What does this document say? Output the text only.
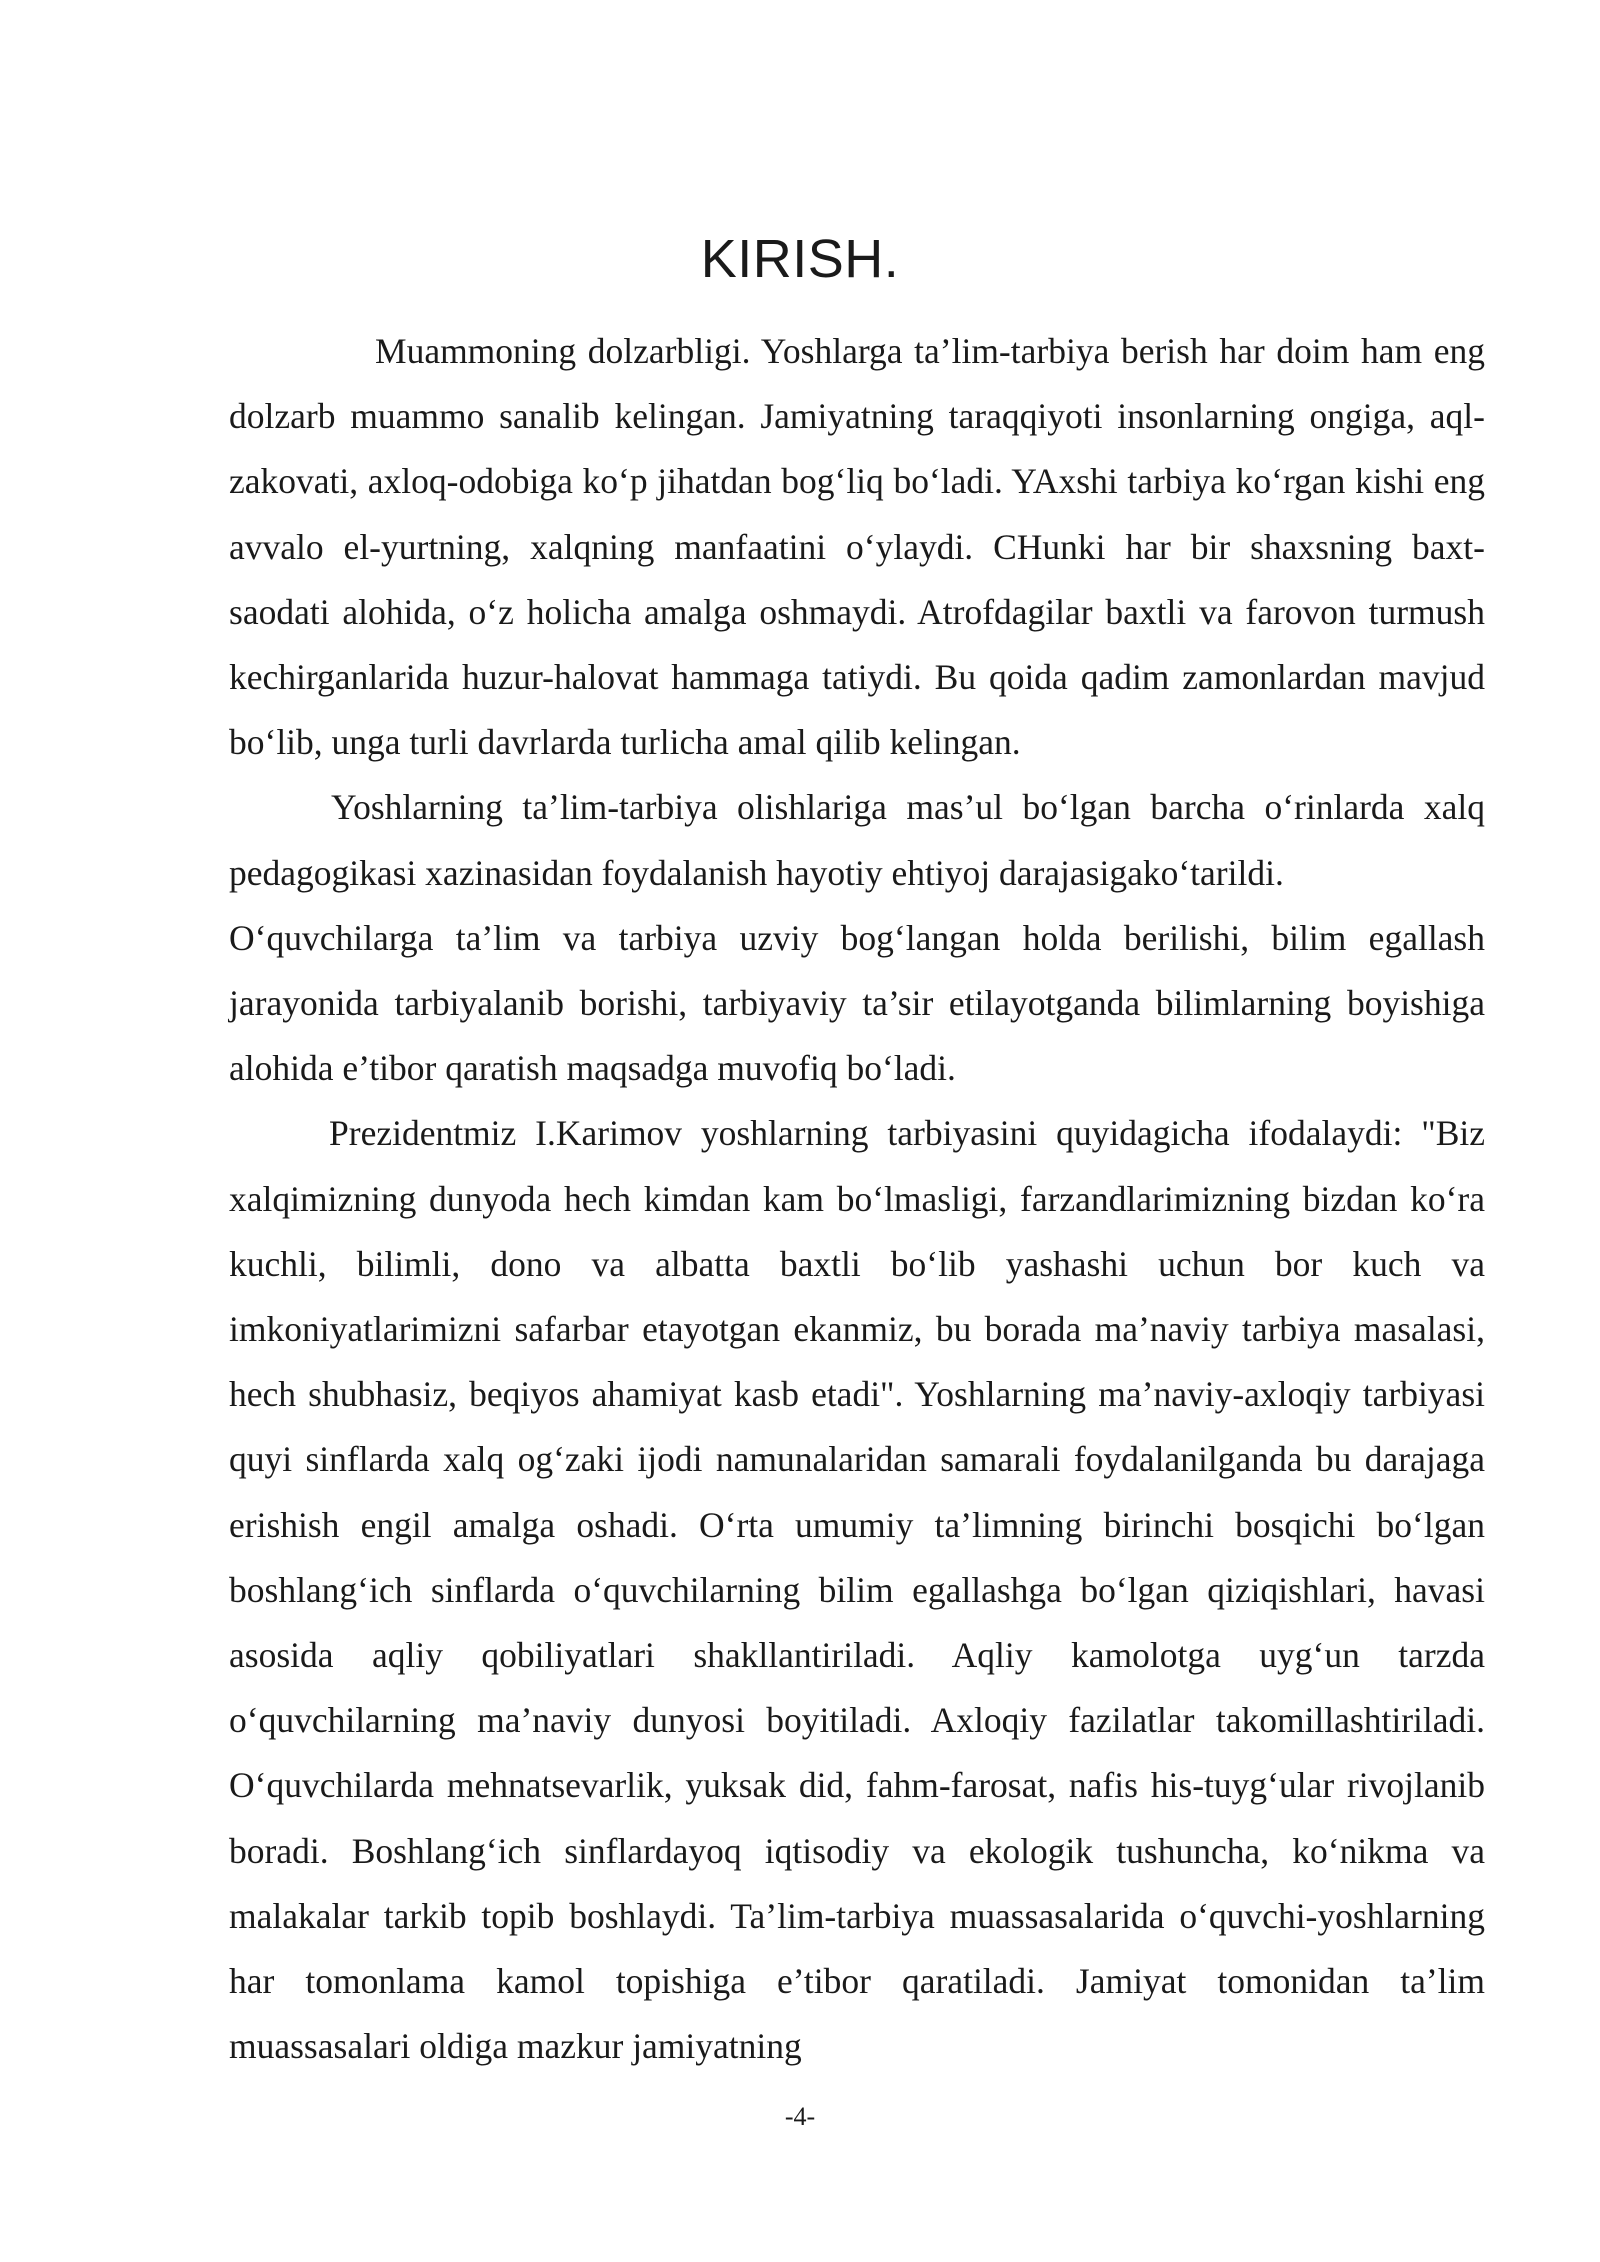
KIRISH.

Muammoning dolzarbligi. Yoshlarga ta’lim-tarbiya berish har doim ham eng dolzarb muammo sanalib kelingan. Jamiyatning taraqqiyoti insonlarning ongiga, aql-zakovati, axloq-odobiga ko‘p jihatdan bog‘liq bo‘ladi. YAxshi tarbiya ko‘rgan kishi eng avvalo el-yurtning, xalqning manfaatini o‘ylaydi. CHunki har bir shaxsning baxt-saodati alohida, o‘z holicha amalga oshmaydi. Atrofdagilar baxtli va farovon turmush kechirganlarida huzur-halovat hammaga tatiydi. Bu qoida qadim zamonlardan mavjud bo‘lib, unga turli davrlarda turlicha amal qilib kelingan.

Yoshlarning ta’lim-tarbiya olishlariga mas’ul bo‘lgan barcha o‘rinlarda xalq pedagogikasi xazinasidan foydalanish hayotiy ehtiyoj darajasigako‘tarildi.

O‘quvchilarga ta’lim va tarbiya uzviy bog‘langan holda berilishi, bilim egallash jarayonida tarbiyalanib borishi, tarbiyaviy ta’sir etilayotganda bilimlarning boyishiga alohida e’tibor qaratish maqsadga muvofiq bo‘ladi.

Prezidentmiz I.Karimov yoshlarning tarbiyasini quyidagicha ifodalaydi: "Biz xalqimizning dunyoda hech kimdan kam bo‘lmasligi, farzandlarimizning bizdan ko‘ra kuchli, bilimli, dono va albatta baxtli bo‘lib yashashi uchun bor kuch va imkoniyatlarimizni safarbar etayotgan ekanmiz, bu borada ma’naviy tarbiya masalasi, hech shubhasiz, beqiyos ahamiyat kasb etadi". Yoshlarning ma’naviy-axloqiy tarbiyasi quyi sinflarda xalq og‘zaki ijodi namunalaridan samarali foydalanilganda bu darajaga erishish engil amalga oshadi. O‘rta umumiy ta’limning birinchi bosqichi bo‘lgan boshlang‘ich sinflarda o‘quvchilarning bilim egallashga bo‘lgan qiziqishlari, havasi asosida aqliy qobiliyatlari shakllantiriladi. Aqliy kamolotga uyg‘un tarzda o‘quvchilarning ma’naviy dunyosi boyitiladi. Axloqiy fazilatlar takomillashtiriladi. O‘quvchilarda mehnatsevarlik, yuksak did, fahm-farosat, nafis his-tuyg‘ular rivojlanib boradi. Boshlang‘ich sinflardayoq iqtisodiy va ekologik tushuncha, ko‘nikma va malakalar tarkib topib boshlaydi. Ta’lim-tarbiya muassasalarida o‘quvchi-yoshlarning har tomonlama kamol topishiga e’tibor qaratiladi. Jamiyat tomonidan ta’lim muassasalari oldiga mazkur jamiyatning

-4-
